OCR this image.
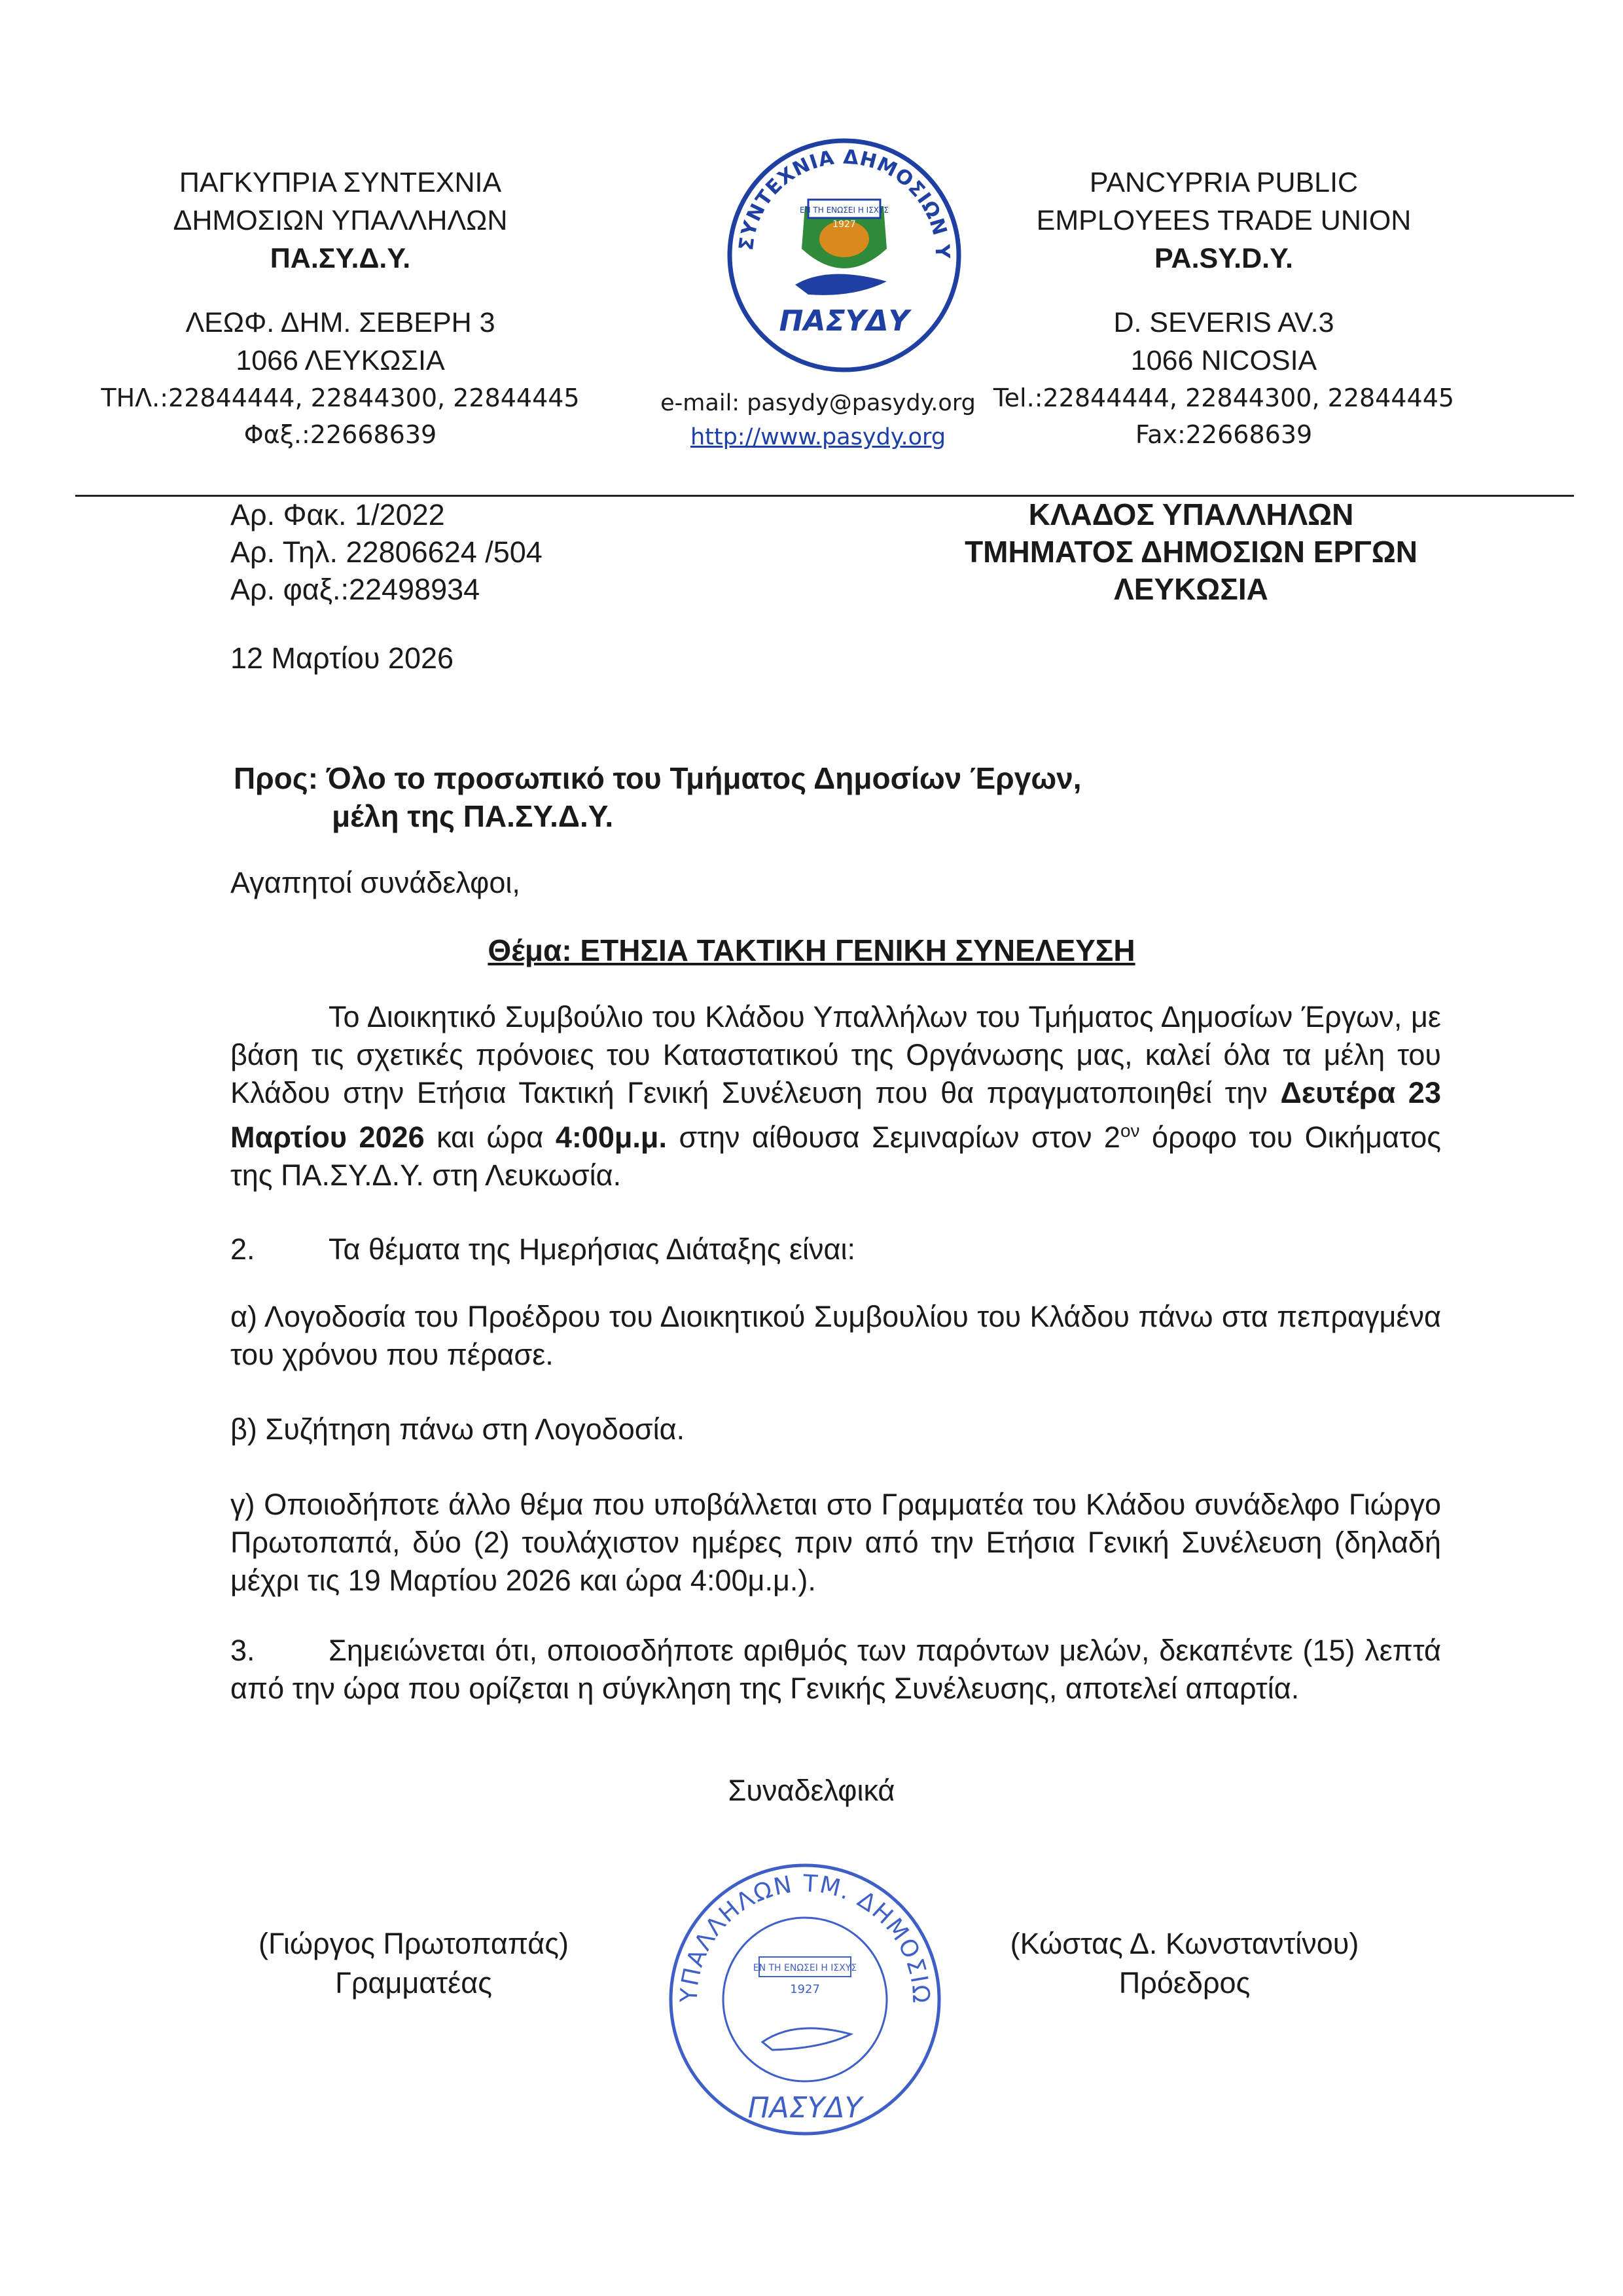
ΠΑΓΚΥΠΡΙΑ ΣΥΝΤΕΧΝΙΑ
ΔΗΜΟΣΙΩΝ ΥΠΑΛΛΗΛΩΝ
ΠΑ.ΣΥ.Δ.Υ.
ΛΕΩΦ. ΔΗΜ. ΣΕΒΕΡΗ 3
1066 ΛΕΥΚΩΣΙΑ
ΤΗΛ.:22844444, 22844300, 22844445
Φαξ.:22668639
ΣΥΝΤΕΧΝΙΑ ΔΗΜΟΣΙΩΝ Υ
ΕΝ ΤΗ ΕΝΩΣΕΙ Η ΙΣΧΥΣ
1927
ΠΑΣΥΔΥ
PANCYPRIA PUBLIC
EMPLOYEES TRADE UNION
PA.SY.D.Y.
D. SEVERIS AV.3
1066 NICOSIA
Tel.:22844444, 22844300, 22844445
Fax:22668639
e-mail: pasydy@pasydy.org
http://www.pasydy.org
Αρ. Φακ. 1/2022
Αρ. Τηλ. 22806624 /504
Αρ. φαξ.:22498934
ΚΛΑΔΟΣ ΥΠΑΛΛΗΛΩΝ
ΤΜΗΜΑΤΟΣ ΔΗΜΟΣΙΩΝ ΕΡΓΩΝ
ΛΕΥΚΩΣΙΑ
12 Μαρτίου 2026
Προς: Όλο το προσωπικό του Τμήματος Δημοσίων Έργων,
μέλη της ΠΑ.ΣΥ.Δ.Υ.
Αγαπητοί συνάδελφοι,
Θέμα: ΕΤΗΣΙΑ ΤΑΚΤΙΚΗ ΓΕΝΙΚΗ ΣΥΝΕΛΕΥΣΗ
Το Διοικητικό Συμβούλιο του Κλάδου Υπαλλήλων του Τμήματος Δημοσίων Έργων, με βάση τις σχετικές πρόνοιες του Καταστατικού της Οργάνωσης μας, καλεί όλα τα μέλη του Κλάδου στην Ετήσια Τακτική Γενική Συνέλευση που θα πραγματοποιηθεί την Δευτέρα 23 Μαρτίου 2026 και ώρα 4:00μ.μ. στην αίθουσα Σεμιναρίων στον $2^{o\nu}$ όροφο του Οικήματος της ΠΑ.ΣΥ.Δ.Υ. στη Λευκωσία.
2. Τα θέματα της Ημερήσιας Διάταξης είναι:
α) Λογοδοσία του Προέδρου του Διοικητικού Συμβουλίου του Κλάδου πάνω στα πεπραγμένα του χρόνου που πέρασε.
β) Συζήτηση πάνω στη Λογοδοσία.
γ) Οποιοδήποτε άλλο θέμα που υποβάλλεται στο Γραμματέα του Κλάδου συνάδελφο Γιώργο Πρωτοπαπά, δύο (2) τουλάχιστον ημέρες πριν από την Ετήσια Γενική Συνέλευση (δηλαδή μέχρι τις 19 Μαρτίου 2026 και ώρα 4:00μ.μ.).
3. Σημειώνεται ότι, οποιοσδήποτε αριθμός των παρόντων μελών, δεκαπέντε (15) λεπτά από την ώρα που ορίζεται η σύγκληση της Γενικής Συνέλευσης, αποτελεί απαρτία.
Συναδελφικά
(Γιώργος Πρωτοπαπάς)
Γραμματέας	ΥΠΑΛΛΗΛΩΝ ΤΜ. ΔΗΜΟΣΙΩ
ΕΝ ΤΗ ΕΝΩΣΕΙ Η ΙΣΧΥΣ
1927
ΠΑΣΥΔΥ
(Κώστας Δ. Κωνσταντίνου)
Πρόεδρος
